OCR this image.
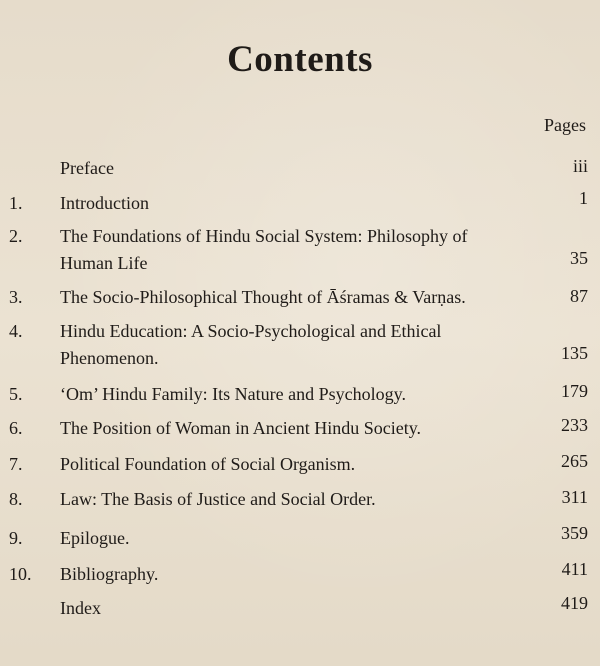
Contents
Pages
Preface	iii
1. Introduction	1
2. The Foundations of Hindu Social System: Philosophy of
Human Life	35
3. The Socio-Philosophical Thought of Āśramas & Varṇas.	87
4. Hindu Education: A Socio-Psychological and Ethical
Phenomenon.	135
5. ‘Om’ Hindu Family: Its Nature and Psychology.	179
6. The Position of Woman in Ancient Hindu Society.	233
7. Political Foundation of Social Organism.	265
8. Law: The Basis of Justice and Social Order.	311
9. Epilogue.	359
10. Bibliography.	411
Index	419
